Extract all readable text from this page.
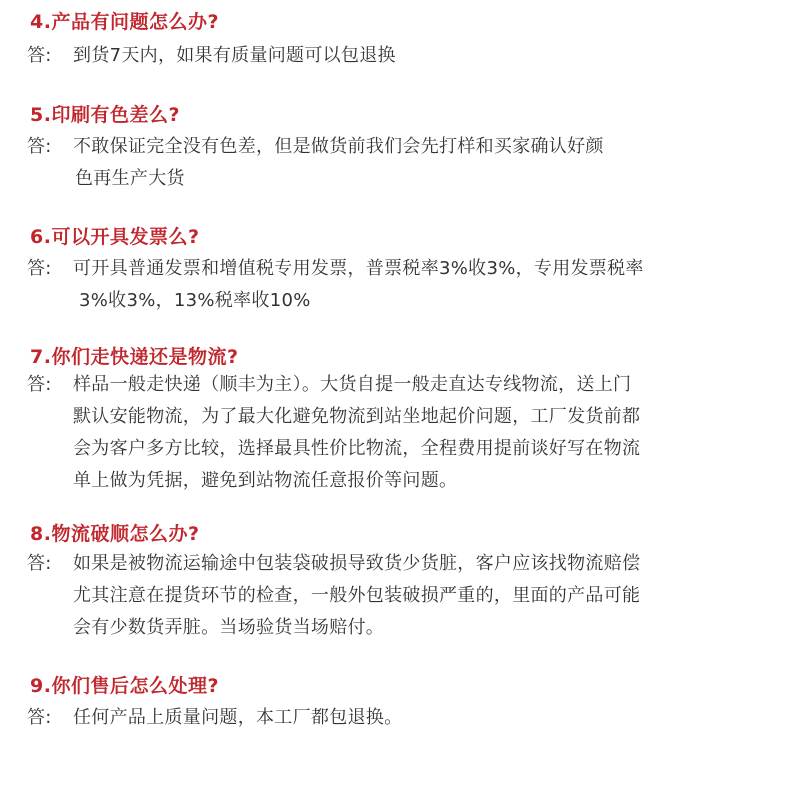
4.产品有问题怎么办?
答: 到货7天内，如果有质量问题可以包退换
5.印刷有色差么?
答: 不敢保证完全没有色差，但是做货前我们会先打样和买家确认好颜
色再生产大货
6.可以开具发票么?
答: 可开具普通发票和增值税专用发票，普票税率3%收3%，专用发票税率
3%收3%，13%税率收10%
7.你们走快递还是物流?
答: 样品一般走快递（顺丰为主）。大货自提一般走直达专线物流，送上门
默认安能物流，为了最大化避免物流到站坐地起价问题，工厂发货前都
会为客户多方比较，选择最具性价比物流，全程费用提前谈好写在物流
单上做为凭据，避免到站物流任意报价等问题。
8.物流破顺怎么办?
答: 如果是被物流运输途中包装袋破损导致货少货脏，客户应该找物流赔偿
尤其注意在提货环节的检查，一般外包装破损严重的，里面的产品可能
会有少数货弄脏。当场验货当场赔付。
9.你们售后怎么处理?
答: 任何产品上质量问题，本工厂都包退换。
